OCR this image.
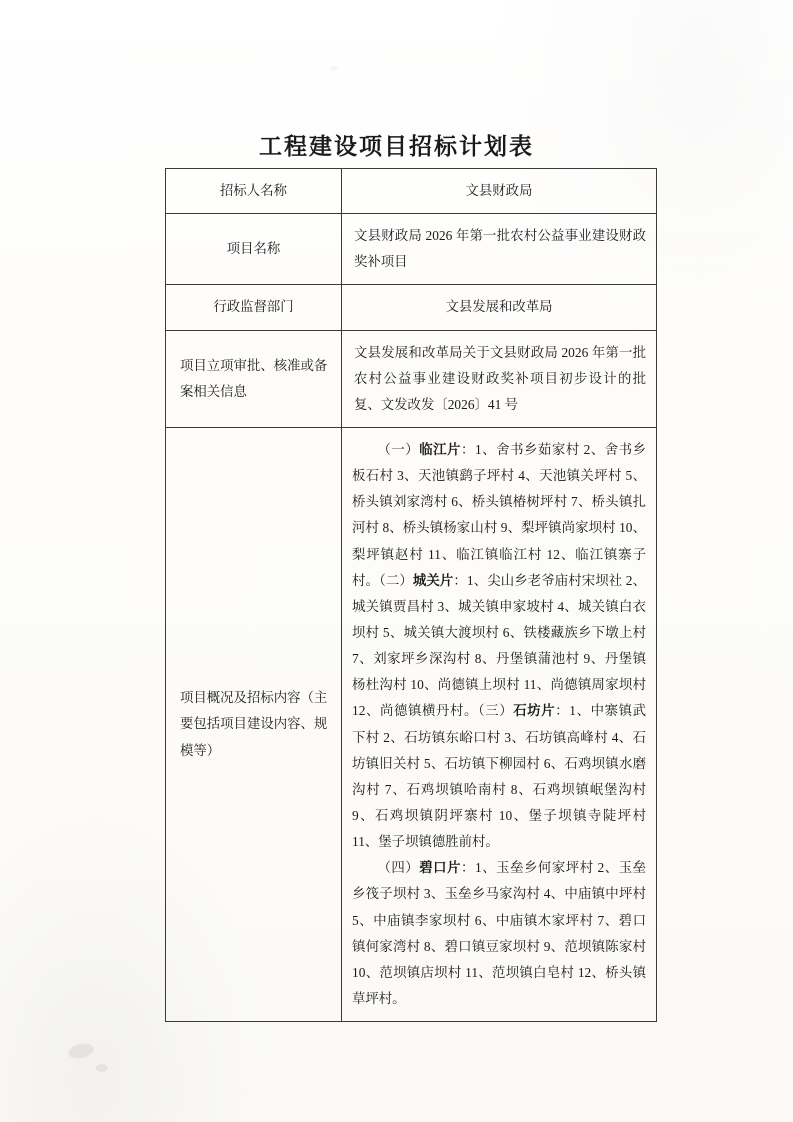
工程建设项目招标计划表
招标人名称	文县财政局
项目名称	文县财政局 2026 年第一批农村公益事业建设财政奖补项目

行政监督部门	文县发展和改革局
项目立项审批、核准或备案相关信息	文县发展和改革局关于文县财政局 2026 年第一批农村公益事业建设财政奖补项目初步设计的批复、文发改发〔2026〕41 号

项目概况及招标内容（主要包括项目建设内容、规模等）	（一）临江片：1、舍书乡茹家村 2、舍书乡板石村 3、天池镇鹞子坪村 4、天池镇关坪村 5、桥头镇刘家湾村 6、桥头镇椿树坪村 7、桥头镇扎河村 8、桥头镇杨家山村 9、梨坪镇尚家坝村 10、梨坪镇赵村 11、临江镇临江村 12、临江镇寨子村。（二）城关片：1、尖山乡老爷庙村宋坝社 2、城关镇贾昌村 3、城关镇申家坡村 4、城关镇白衣坝村 5、城关镇大渡坝村 6、铁楼藏族乡下墩上村 7、刘家坪乡深沟村 8、丹堡镇蒲池村 9、丹堡镇杨杜沟村 10、尚德镇上坝村 11、尚德镇周家坝村 12、尚德镇横丹村。（三）石坊片：1、中寨镇武下村 2、石坊镇东峪口村 3、石坊镇高峰村 4、石坊镇旧关村 5、石坊镇下柳园村 6、石鸡坝镇水磨沟村 7、石鸡坝镇哈南村 8、石鸡坝镇岷堡沟村 9、石鸡坝镇阴坪寨村 10、堡子坝镇寺陡坪村 11、堡子坝镇德胜前村。

（四）碧口片：1、玉垒乡何家坪村 2、玉垒乡筏子坝村 3、玉垒乡马家沟村 4、中庙镇中坪村 5、中庙镇李家坝村 6、中庙镇木家坪村 7、碧口镇何家湾村 8、碧口镇豆家坝村 9、范坝镇陈家村 10、范坝镇店坝村 11、范坝镇白皂村 12、桥头镇草坪村。
